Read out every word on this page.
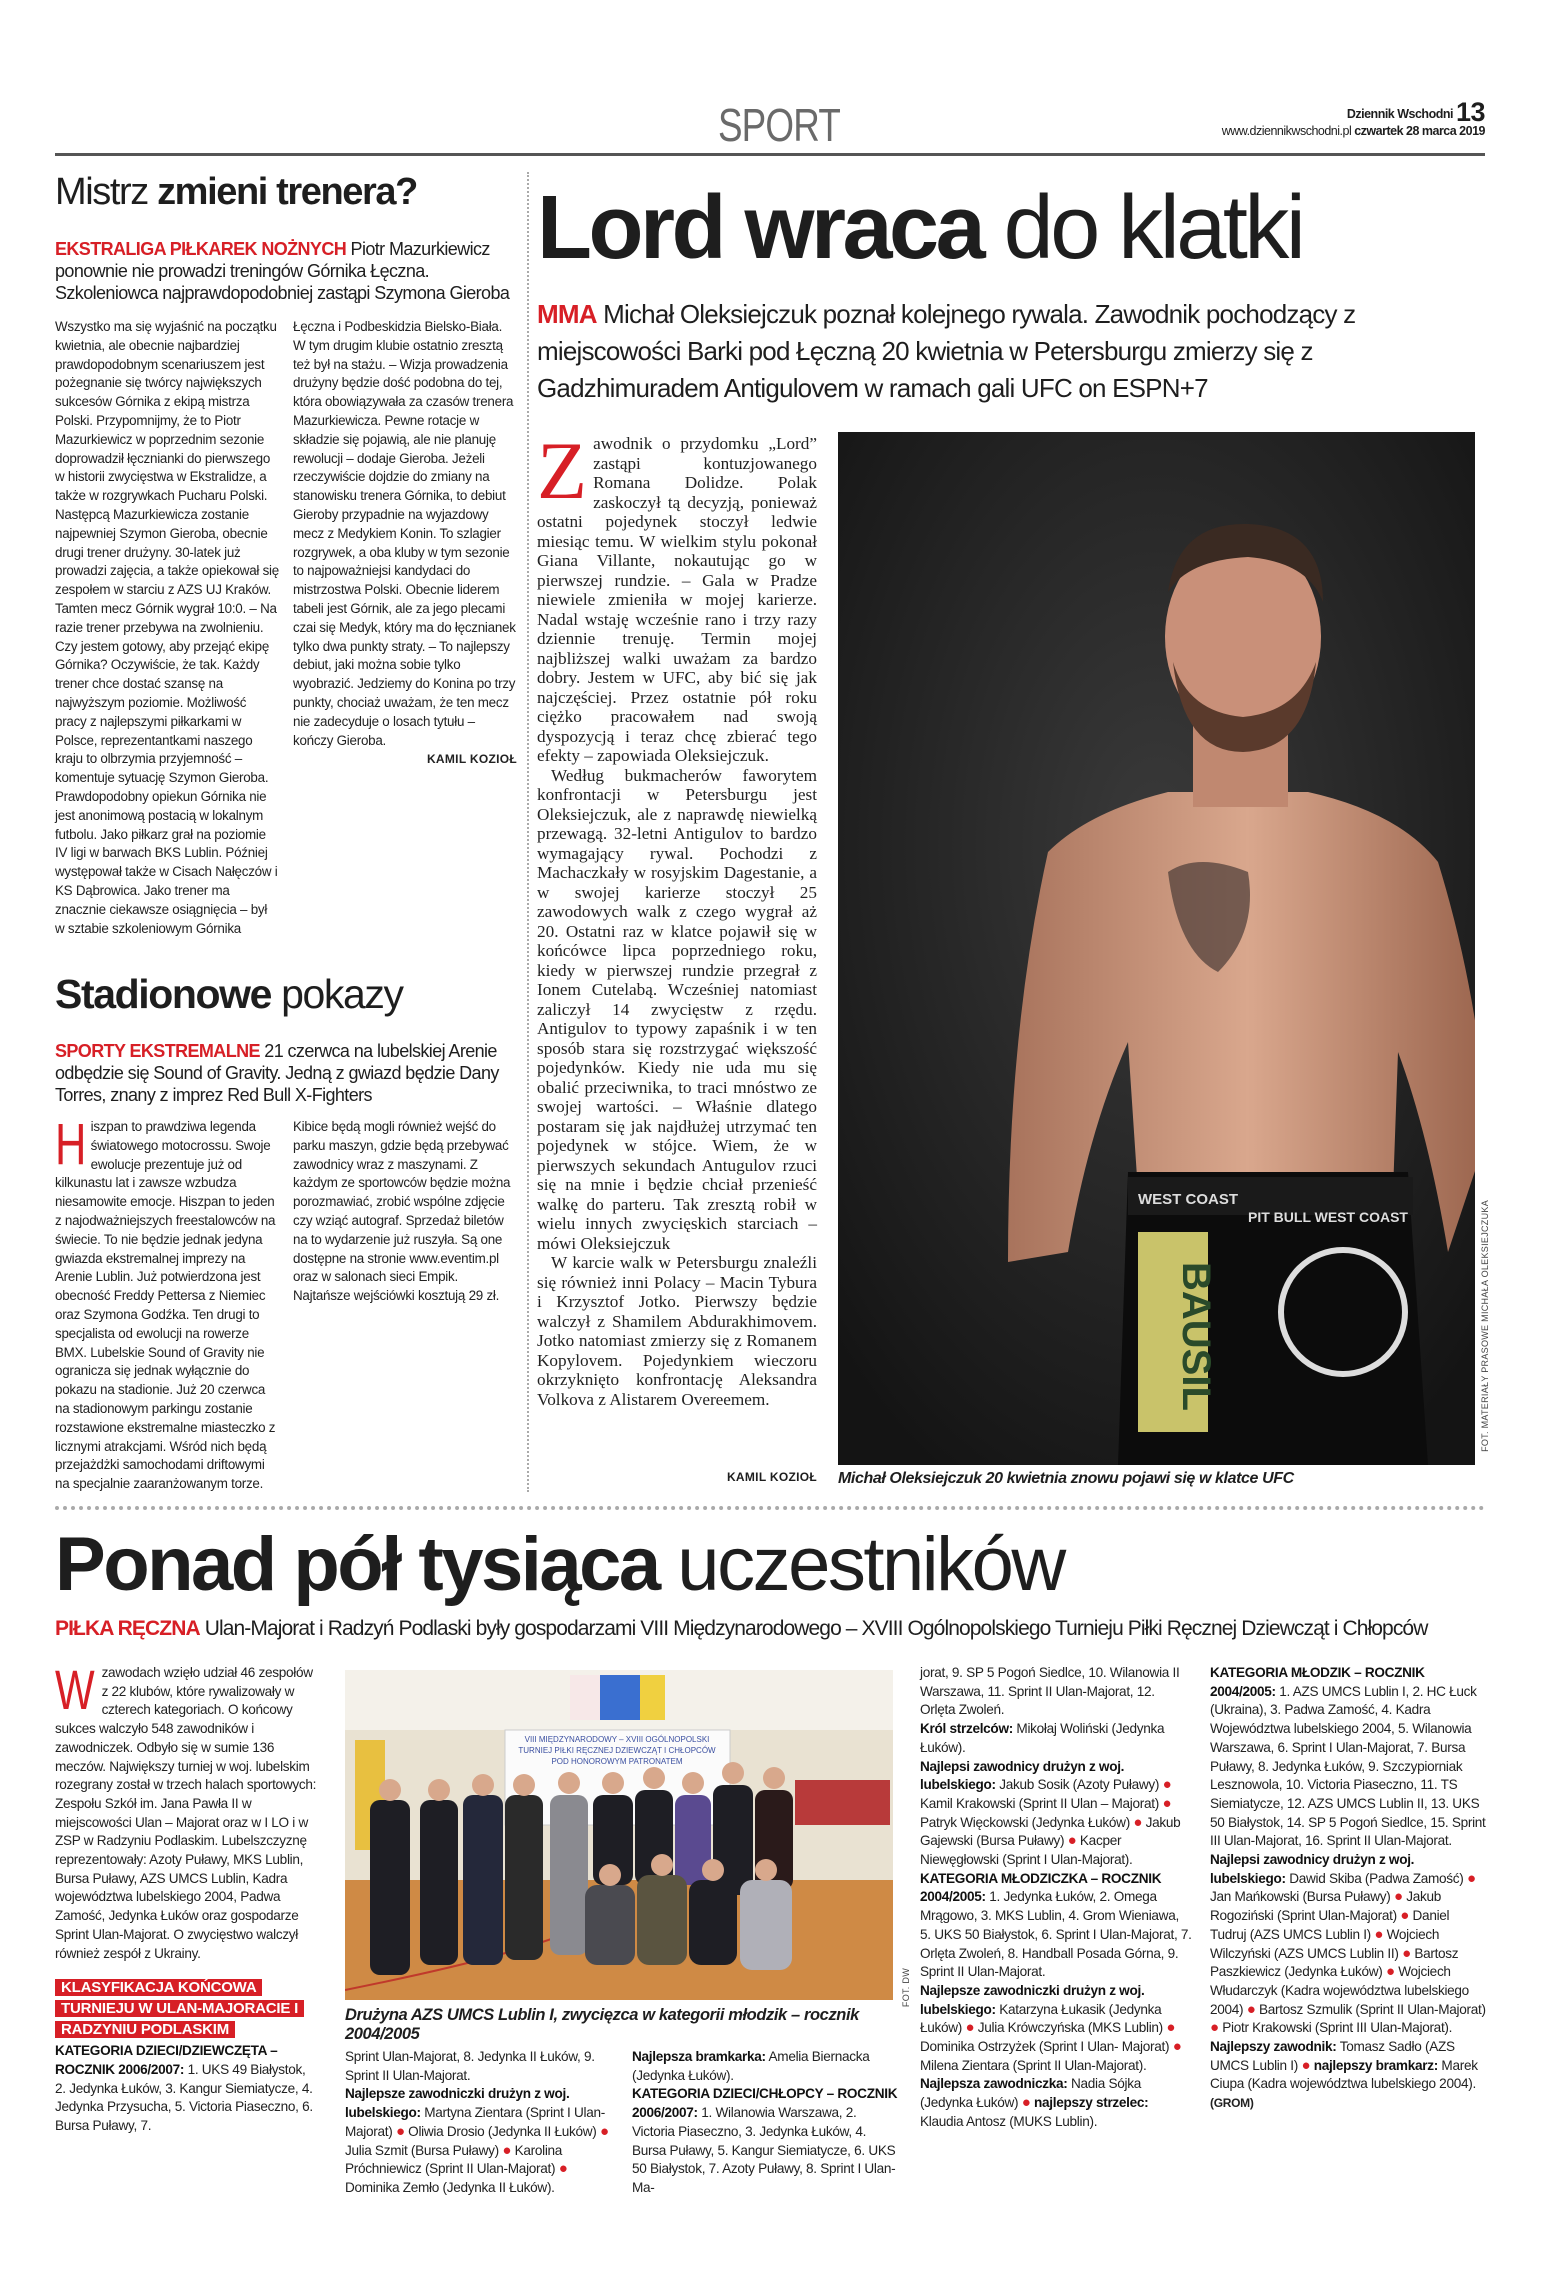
SPORT	Dziennik Wschodni 13
www.dziennikwschodni.pl czwartek 28 marca 2019
Mistrz zmieni trenera?
EKSTRALIGA PIŁKAREK NOŻNYCH Piotr Mazurkiewicz ponownie nie prowadzi treningów Górnika Łęczna. Szkoleniowca najprawdopodobniej zastąpi Szymona Gieroba

Wszystko ma się wyjaśnić na początku kwietnia, ale obecnie najbardziej prawdopodobnym scenariuszem jest pożegnanie się twórcy największych sukcesów Górnika z ekipą mistrza Polski. Przypomnijmy, że to Piotr Mazurkiewicz w poprzednim sezonie doprowadził łęcznianki do pierwszego w historii zwycięstwa w Ekstralidze, a także w rozgrywkach Pucharu Polski. Następcą Mazurkiewicza zostanie najpewniej Szymon Gieroba, obecnie drugi trener drużyny. 30-latek już prowadzi zajęcia, a także opiekował się zespołem w starciu z AZS UJ Kraków. Tamten mecz Górnik wygrał 10:0. – Na razie trener przebywa na zwolnieniu. Czy jestem gotowy, aby przejąć ekipę Górnika? Oczywiście, że tak. Każdy trener chce dostać szansę na najwyższym poziomie. Możliwość pracy z najlepszymi piłkarkami w Polsce, reprezentantkami naszego kraju to olbrzymia przyjemność – komentuje sytuację Szymon Gieroba. Prawdopodobny opiekun Górnika nie jest anonimową postacią w lokalnym futbolu. Jako piłkarz grał na poziomie IV ligi w barwach BKS Lublin. Później występował także w Cisach Nałęczów i KS Dąbrowica. Jako trener ma znacznie ciekawsze osiągnięcia – był w sztabie szkoleniowym Górnika Łęczna i Podbeskidzia Bielsko-Biała. W tym drugim klubie ostatnio zresztą też był na stażu. – Wizja prowadzenia drużyny będzie dość podobna do tej, która obowiązywała za czasów trenera Mazurkiewicza. Pewne rotacje w składzie się pojawią, ale nie planuję rewolucji – dodaje Gieroba. Jeżeli rzeczywiście dojdzie do zmiany na stanowisku trenera Górnika, to debiut Gieroby przypadnie na wyjazdowy mecz z Medykiem Konin. To szlagier rozgrywek, a oba kluby w tym sezonie to najpoważniejsi kandydaci do mistrzostwa Polski. Obecnie liderem tabeli jest Górnik, ale za jego plecami czai się Medyk, który ma do łęcznianek tylko dwa punkty straty. – To najlepszy debiut, jaki można sobie tylko wyobrazić. Jedziemy do Konina po trzy punkty, chociaż uważam, że ten mecz nie zadecyduje o losach tytułu – kończy Gieroba.

KAMIL KOZIOŁ
Stadionowe pokazy
SPORTY EKSTREMALNE 21 czerwca na lubelskiej Arenie odbędzie się Sound of Gravity. Jedną z gwiazd będzie Dany Torres, znany z imprez Red Bull X-Fighters

Hiszpan to prawdziwa legenda światowego motocrossu. Swoje ewolucje prezentuje już od kilkunastu lat i zawsze wzbudza niesamowite emocje. Hiszpan to jeden z najodważniejszych freestalowców na świecie. To nie będzie jednak jedyna gwiazda ekstremalnej imprezy na Arenie Lublin. Już potwierdzona jest obecność Freddy Pettersa z Niemiec oraz Szymona Godźka. Ten drugi to specjalista od ewolucji na rowerze BMX. Lubelskie Sound of Gravity nie ogranicza się jednak wyłącznie do pokazu na stadionie. Już 20 czerwca na stadionowym parkingu zostanie rozstawione ekstremalne miasteczko z licznymi atrakcjami. Wśród nich będą przejażdżki samochodami driftowymi na specjalnie zaaranżowanym torze. Kibice będą mogli również wejść do parku maszyn, gdzie będą przebywać zawodnicy wraz z maszynami. Z każdym ze sportowców będzie można porozmawiać, zrobić wspólne zdjęcie czy wziąć autograf. Sprzedaż biletów na to wydarzenie już ruszyła. Są one dostępne na stronie www.eventim.pl oraz w salonach sieci Empik. Najtańsze wejściówki kosztują 29 zł.

Lord wraca do klatki
MMA Michał Oleksiejczuk poznał kolejnego rywala. Zawodnik pochodzący z miejscowości Barki pod Łęczną 20 kwietnia w Petersburgu zmierzy się z Gadzhimuradem Antigulovem w ramach gali UFC on ESPN+7

Zawodnik o przydomku „Lord” zastąpi kontuzjowanego Romana Dolidze. Polak zaskoczył tą decyzją, ponieważ ostatni pojedynek stoczył ledwie miesiąc temu. W wielkim stylu pokonał Giana Villante, nokautując go w pierwszej rundzie. – Gala w Pradze niewiele zmieniła w mojej karierze. Nadal wstaję wcześnie rano i trzy razy dziennie trenuję. Termin mojej najbliższej walki uważam za bardzo dobry. Jestem w UFC, aby bić się jak najczęściej. Przez ostatnie pół roku ciężko pracowałem nad swoją dyspozycją i teraz chcę zbierać tego efekty – zapowiada Oleksiejczuk.

Według bukmacherów faworytem konfrontacji w Petersburgu jest Oleksiejczuk, ale z naprawdę niewielką przewagą. 32-letni Antigulov to bardzo wymagający rywal. Pochodzi z Machaczkały w rosyjskim Dagestanie, a w swojej karierze stoczył 25 zawodowych walk z czego wygrał aż 20. Ostatni raz w klatce pojawił się w końcówce lipca poprzedniego roku, kiedy w pierwszej rundzie przegrał z Ionem Cutelabą. Wcześniej natomiast zaliczył 14 zwycięstw z rzędu. Antigulov to typowy zapaśnik i w ten sposób stara się rozstrzygać większość pojedynków. Kiedy nie uda mu się obalić przeciwnika, to traci mnóstwo ze swojej wartości. – Właśnie dlatego postaram się jak najdłużej utrzymać ten pojedynek w stójce. Wiem, że w pierwszych sekundach Antugulov rzuci się na mnie i będzie chciał przenieść walkę do parteru. Tak zresztą robił w wielu innych zwycięskich starciach – mówi Oleksiejczuk

W karcie walk w Petersburgu znaleźli się również inni Polacy – Macin Tybura i Krzysztof Jotko. Pierwszy będzie walczył z Shamilem Abdurakhimovem. Jotko natomiast zmierzy się z Romanem Kopylovem. Pojedynkiem wieczoru okrzyknięto konfrontację Aleksandra Volkova z Alistarem Overeemem.

KAMIL KOZIOŁ
WEST COAST
PIT BULL WEST COAST
BAUSIL	FOT. MATERIAŁY PRASOWE MICHAŁA OLEKSIEJCZUKA
Michał Oleksiejczuk 20 kwietnia znowu pojawi się w klatce UFC
Ponad pół tysiąca uczestników
PIŁKA RĘCZNA Ulan-Majorat i Radzyń Podlaski były gospodarzami VIII Międzynarodowego – XVIII Ogólnopolskiego Turnieju Piłki Ręcznej Dziewcząt i Chłopców

W zawodach wzięło udział 46 zespołów z 22 klubów, które rywalizowały w czterech kategoriach. O końcowy sukces walczyło 548 zawodników i zawodniczek. Odbyło się w sumie 136 meczów. Największy turniej w woj. lubelskim rozegrany został w trzech halach sportowych: Zespołu Szkół im. Jana Pawła II w miejscowości Ulan – Majorat oraz w I LO i w ZSP w Radzyniu Podlaskim. Lubelszczyznę reprezentowały: Azoty Puławy, MKS Lublin, Bursa Puławy, AZS UMCS Lublin, Kadra województwa lubelskiego 2004, Padwa Zamość, Jedynka Łuków oraz gospodarze Sprint Ulan-Majorat. O zwycięstwo walczył również zespół z Ukrainy.

KLASYFIKACJA KOŃCOWA TURNIEJU W ULAN-MAJORACIE I RADZYNIU PODLASKIM

KATEGORIA DZIECI/DZIEWCZĘTA – ROCZNIK 2006/2007: 1. UKS 49 Białystok, 2. Jedynka Łuków, 3. Kangur Siemiatycze, 4. Jedynka Przysucha, 5. Victoria Piaseczno, 6. Bursa Puławy, 7.

VIII MIĘDZYNARODOWY – XVIII OGÓLNOPOLSKI
TURNIEJ PIŁKI RĘCZNEJ DZIEWCZĄT I CHŁOPCÓW
POD HONOROWYM PATRONATEM
FOT. DW
Drużyna AZS UMCS Lublin I, zwycięzca w kategorii młodzik – rocznik 2004/2005

Sprint Ulan-Majorat, 8. Jedynka II Łuków, 9. Sprint II Ulan-Majorat.

Najlepsze zawodniczki drużyn z woj. lubelskiego: Martyna Zientara (Sprint I Ulan-Majorat) ● Oliwia Drosio (Jedynka II Łuków) ● Julia Szmit (Bursa Puławy) ● Karolina Próchniewicz (Sprint II Ulan-Majorat) ● Dominika Zemło (Jedynka II Łuków).

Najlepsza bramkarka: Amelia Biernacka (Jedynka Łuków).

KATEGORIA DZIECI/CHŁOPCY – ROCZNIK 2006/2007: 1. Wilanowia Warszawa, 2. Victoria Piaseczno, 3. Jedynka Łuków, 4. Bursa Puławy, 5. Kangur Siemiatycze, 6. UKS 50 Białystok, 7. Azoty Puławy, 8. Sprint I Ulan-Ma-

jorat, 9. SP 5 Pogoń Siedlce, 10. Wilanowia II Warszawa, 11. Sprint II Ulan-Majorat, 12. Orlęta Zwoleń.

Król strzelców: Mikołaj Woliński (Jedynka Łuków).

Najlepsi zawodnicy drużyn z woj. lubelskiego: Jakub Sosik (Azoty Puławy) ● Kamil Krakowski (Sprint II Ulan – Majorat) ● Patryk Więckowski (Jedynka Łuków) ● Jakub Gajewski (Bursa Puławy) ● Kacper Niewęgłowski (Sprint I Ulan-Majorat).

KATEGORIA MŁODZICZKA – ROCZNIK 2004/2005: 1. Jedynka Łuków, 2. Omega Mrągowo, 3. MKS Lublin, 4. Grom Wieniawa, 5. UKS 50 Białystok, 6. Sprint I Ulan-Majorat, 7. Orlęta Zwoleń, 8. Handball Posada Górna, 9. Sprint II Ulan-Majorat.

Najlepsze zawodniczki drużyn z woj. lubelskiego: Katarzyna Łukasik (Jedynka Łuków) ● Julia Krówczyńska (MKS Lublin) ● Dominika Ostrzyżek (Sprint I Ulan- Majorat) ● Milena Zientara (Sprint II Ulan-Majorat).

Najlepsza zawodniczka: Nadia Sójka (Jedynka Łuków) ● najlepszy strzelec: Klaudia Antosz (MUKS Lublin).

KATEGORIA MŁODZIK – ROCZNIK 2004/2005: 1. AZS UMCS Lublin I, 2. HC Łuck (Ukraina), 3. Padwa Zamość, 4. Kadra Województwa lubelskiego 2004, 5. Wilanowia Warszawa, 6. Sprint I Ulan-Majorat, 7. Bursa Puławy, 8. Jedynka Łuków, 9. Szczypiorniak Lesznowola, 10. Victoria Piaseczno, 11. TS Siemiatycze, 12. AZS UMCS Lublin II, 13. UKS 50 Białystok, 14. SP 5 Pogoń Siedlce, 15. Sprint III Ulan-Majorat, 16. Sprint II Ulan-Majorat.

Najlepsi zawodnicy drużyn z woj. lubelskiego: Dawid Skiba (Padwa Zamość) ● Jan Mańkowski (Bursa Puławy) ● Jakub Rogoziński (Sprint Ulan-Majorat) ● Daniel Tudruj (AZS UMCS Lublin I) ● Wojciech Wilczyński (AZS UMCS Lublin II) ● Bartosz Paszkiewicz (Jedynka Łuków) ● Wojciech Włudarczyk (Kadra województwa lubelskiego 2004) ● Bartosz Szmulik (Sprint II Ulan-Majorat) ● Piotr Krakowski (Sprint III Ulan-Majorat).

Najlepszy zawodnik: Tomasz Sadło (AZS UMCS Lublin I) ● najlepszy bramkarz: Marek Ciupa (Kadra województwa lubelskiego 2004). (GROM)
